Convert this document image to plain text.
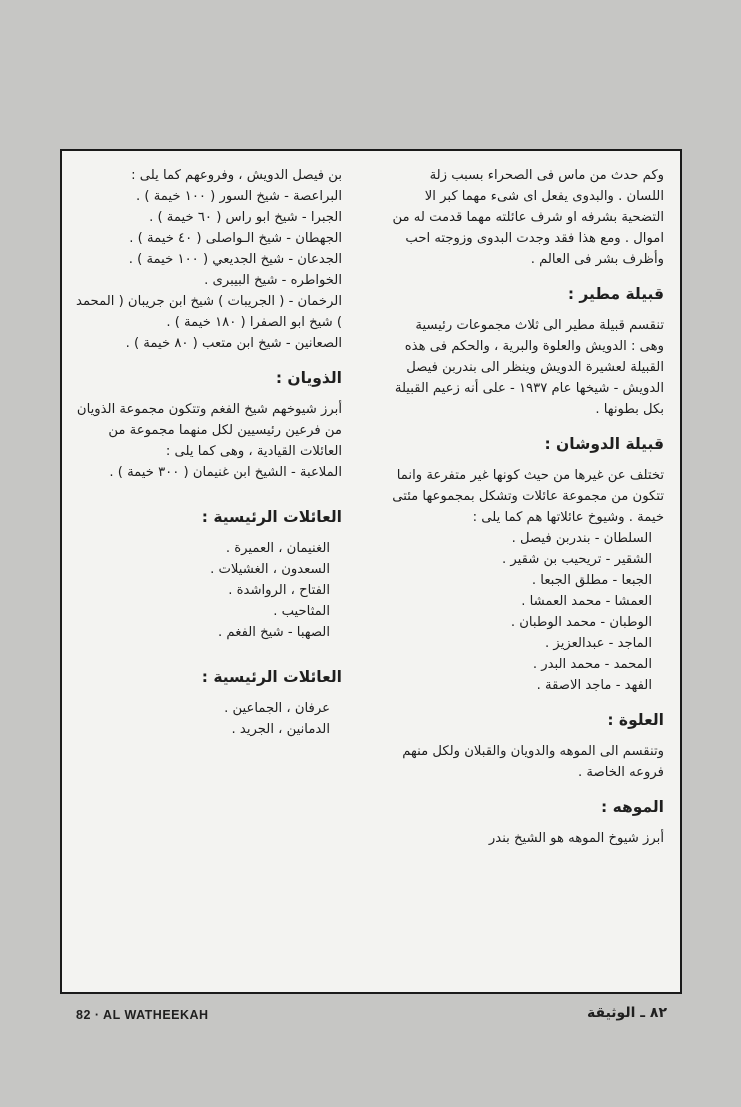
وكم حدث من ماس فى الصحراء بسبب زلة اللسان . والبدوى يفعل اى شىء مهما كبر الا التضحية بشرفه او شرف عائلته مهما قدمت له من اموال . ومع هذا فقد وجدت البدوى وزوجته احب وأظرف بشر فى العالم .

قبيلة مطير :

تنقسم قبيلة مطير الى ثلاث مجموعات رئيسية وهى : الدويش والعلوة والبرية ، والحكم فى هذه القبيلة لعشيرة الدويش وينظر الى بندربن فيصل الدويش - شيخها عام ١٩٣٧ - على أنه زعيم القبيلة بكل بطونها .

قبيلة الدوشان :

تختلف عن غيرها من حيث كونها غير متفرعة وانما تتكون من مجموعة عائلات وتشكل بمجموعها مئتى خيمة . وشيوخ عائلاتها هم كما يلى :

السلطان - بندربن فيصل .
الشقير - تريحيب بن شقير .
الجبعا - مطلق الجبعا .
العمشا - محمد العمشا .
الوطبان - محمد الوطبان .
الماجد - عبدالعزيز .
المحمد - محمد البدر .
الفهد - ماجد الاصقة .
العلوة :

وتنقسم الى الموهه والدويان والقبلان ولكل منهم فروعه الخاصة .

الموهه :

أبرز شيوخ الموهه هو الشيخ بندر

بن فيصل الدويش ، وفروعهم كما يلى :

البراعصة - شيخ السور ( ١٠٠ خيمة ) .
الجبرا - شيخ ابو راس ( ٦٠ خيمة ) .
الجهطان - شيخ الـواصلى ( ٤٠ خيمة ) .
الجدعان - شيخ الجديعي ( ١٠٠ خيمة ) .
الخواطره - شيخ البيبرى .
الرخمان - ( الجريبات ) شيخ ابن جريبان ( المحمد ) شيخ ابو الصفرا ( ١٨٠ خيمة ) .
الصعانين - شيخ ابن متعب ( ٨٠ خيمة ) .
الذويان :

أبرز شيوخهم شيخ الفغم وتتكون مجموعة الذويان من فرعين رئيسيين لكل منهما مجموعة من العائلات القيادية ، وهى كما يلى :

الملاعبة - الشيخ ابن غنيمان ( ٣٠٠ خيمة ) .

العائلات الرئيسية :
الغنيمان ، العميرة .
السعدون ، الغشيلات .
الفتاح ، الرواشدة .
المثاحيب .
الصهبا - شيخ الفغم .
العائلات الرئيسية :
عرفان ، الجماعين .
الدمانين ، الجريد .
82 · AL WATHEEKAH	٨٢ ـ الوثيقة
